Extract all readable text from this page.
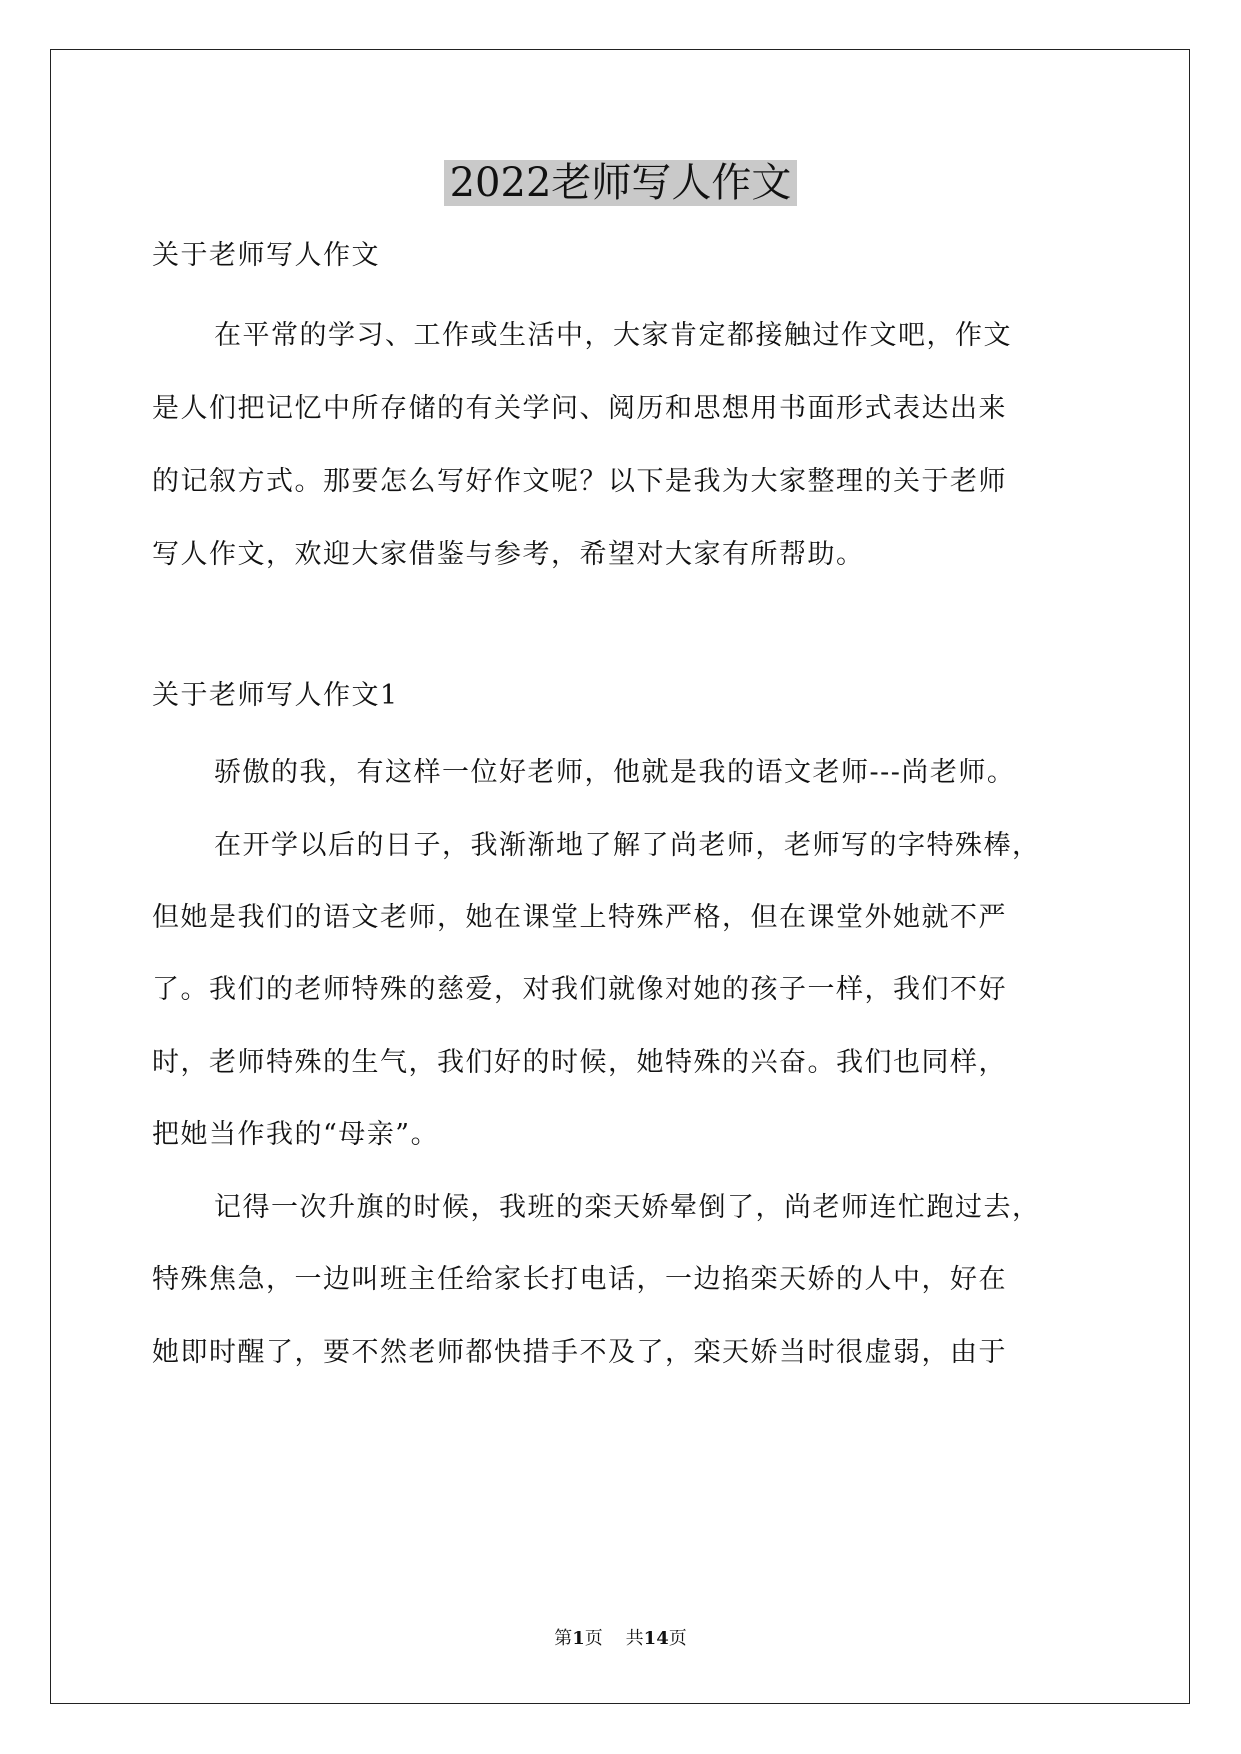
2022老师写人作文
关于老师写人作文
在平常的学习、工作或生活中，大家肯定都接触过作文吧，作文
是人们把记忆中所存储的有关学问、阅历和思想用书面形式表达出来
的记叙方式。那要怎么写好作文呢？以下是我为大家整理的关于老师
写人作文，欢迎大家借鉴与参考，希望对大家有所帮助。
关于老师写人作文1
骄傲的我，有这样一位好老师，他就是我的语文老师---尚老师。
在开学以后的日子，我渐渐地了解了尚老师，老师写的字特殊棒，
但她是我们的语文老师，她在课堂上特殊严格，但在课堂外她就不严
了。我们的老师特殊的慈爱，对我们就像对她的孩子一样，我们不好
时，老师特殊的生气，我们好的时候，她特殊的兴奋。我们也同样，
把她当作我的“母亲”。
记得一次升旗的时候，我班的栾天娇晕倒了，尚老师连忙跑过去，
特殊焦急，一边叫班主任给家长打电话，一边掐栾天娇的人中，好在
她即时醒了，要不然老师都快措手不及了，栾天娇当时很虚弱，由于
第1页 共14页
